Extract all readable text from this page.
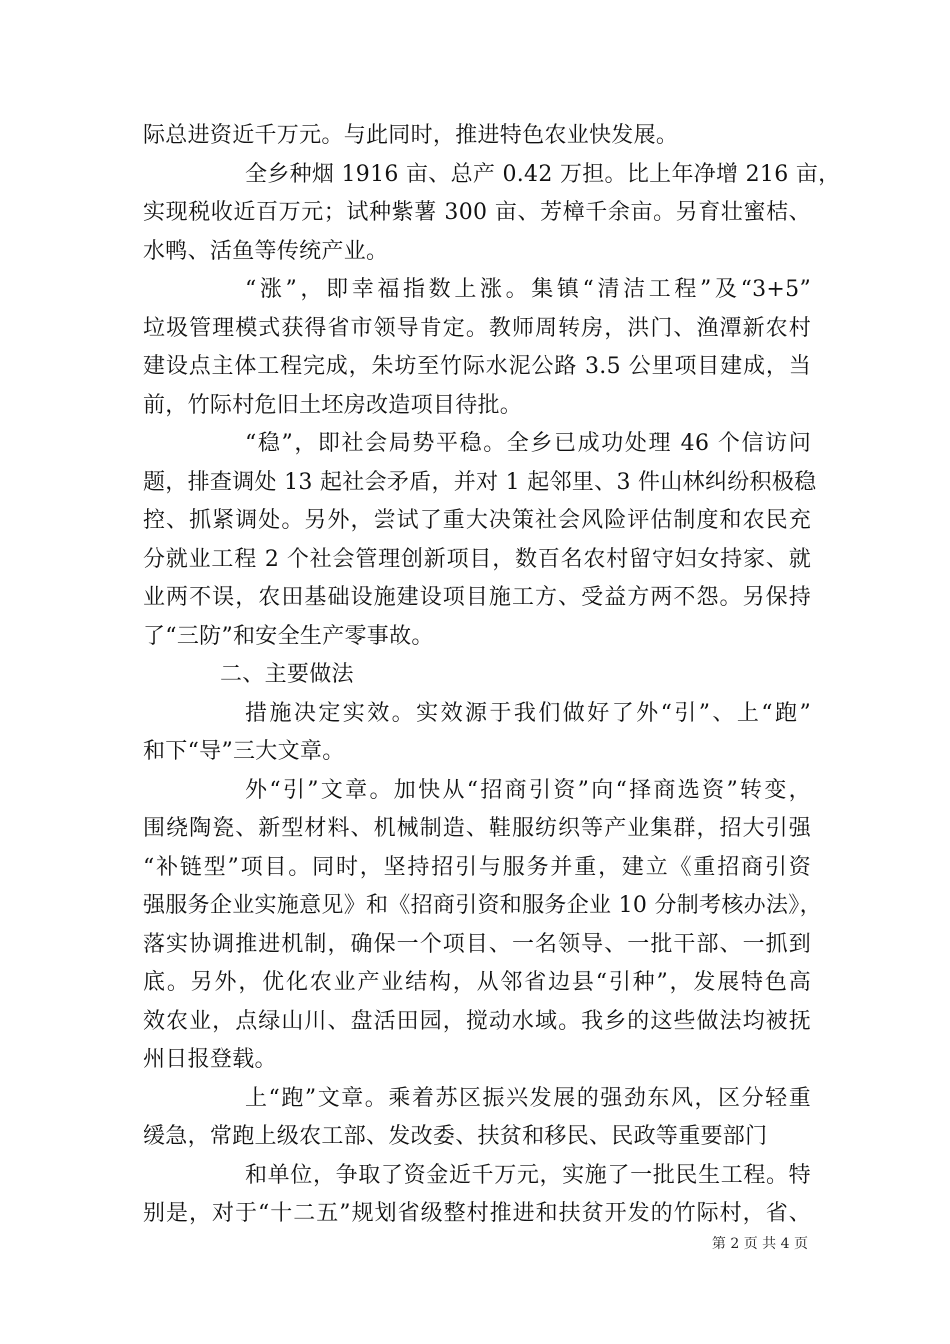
际总进资近千万元。与此同时，推进特色农业快发展。
全乡种烟 1916 亩、总产 0.42 万担。比上年净增 216 亩，
实现税收近百万元；试种紫薯 300 亩、芳樟千余亩。另育壮蜜桔、
水鸭、活鱼等传统产业。
“涨”，即幸福指数上涨。集镇“清洁工程”及“3+5”
垃圾管理模式获得省市领导肯定。教师周转房，洪门、渔潭新农村
建设点主体工程完成，朱坊至竹际水泥公路 3.5 公里项目建成，当
前，竹际村危旧土坯房改造项目待批。
“稳”，即社会局势平稳。全乡已成功处理 46 个信访问
题，排查调处 13 起社会矛盾，并对 1 起邻里、3 件山林纠纷积极稳
控、抓紧调处。另外，尝试了重大决策社会风险评估制度和农民充
分就业工程 2 个社会管理创新项目，数百名农村留守妇女持家、就
业两不误，农田基础设施建设项目施工方、受益方两不怨。另保持
了“三防”和安全生产零事故。
二、主要做法
措施决定实效。实效源于我们做好了外“引”、上“跑”
和下“导”三大文章。
外“引”文章。加快从“招商引资”向“择商选资”转变，
围绕陶瓷、新型材料、机械制造、鞋服纺织等产业集群，招大引强
“补链型”项目。同时，坚持招引与服务并重，建立《重招商引资
强服务企业实施意见》和《招商引资和服务企业 10 分制考核办法》，
落实协调推进机制，确保一个项目、一名领导、一批干部、一抓到
底。另外，优化农业产业结构，从邻省边县“引种”，发展特色高
效农业，点绿山川、盘活田园，搅动水域。我乡的这些做法均被抚
州日报登载。
上“跑”文章。乘着苏区振兴发展的强劲东风，区分轻重
缓急，常跑上级农工部、发改委、扶贫和移民、民政等重要部门
和单位，争取了资金近千万元，实施了一批民生工程。特
别是，对于“十二五”规划省级整村推进和扶贫开发的竹际村，省、
第 2 页 共 4 页
